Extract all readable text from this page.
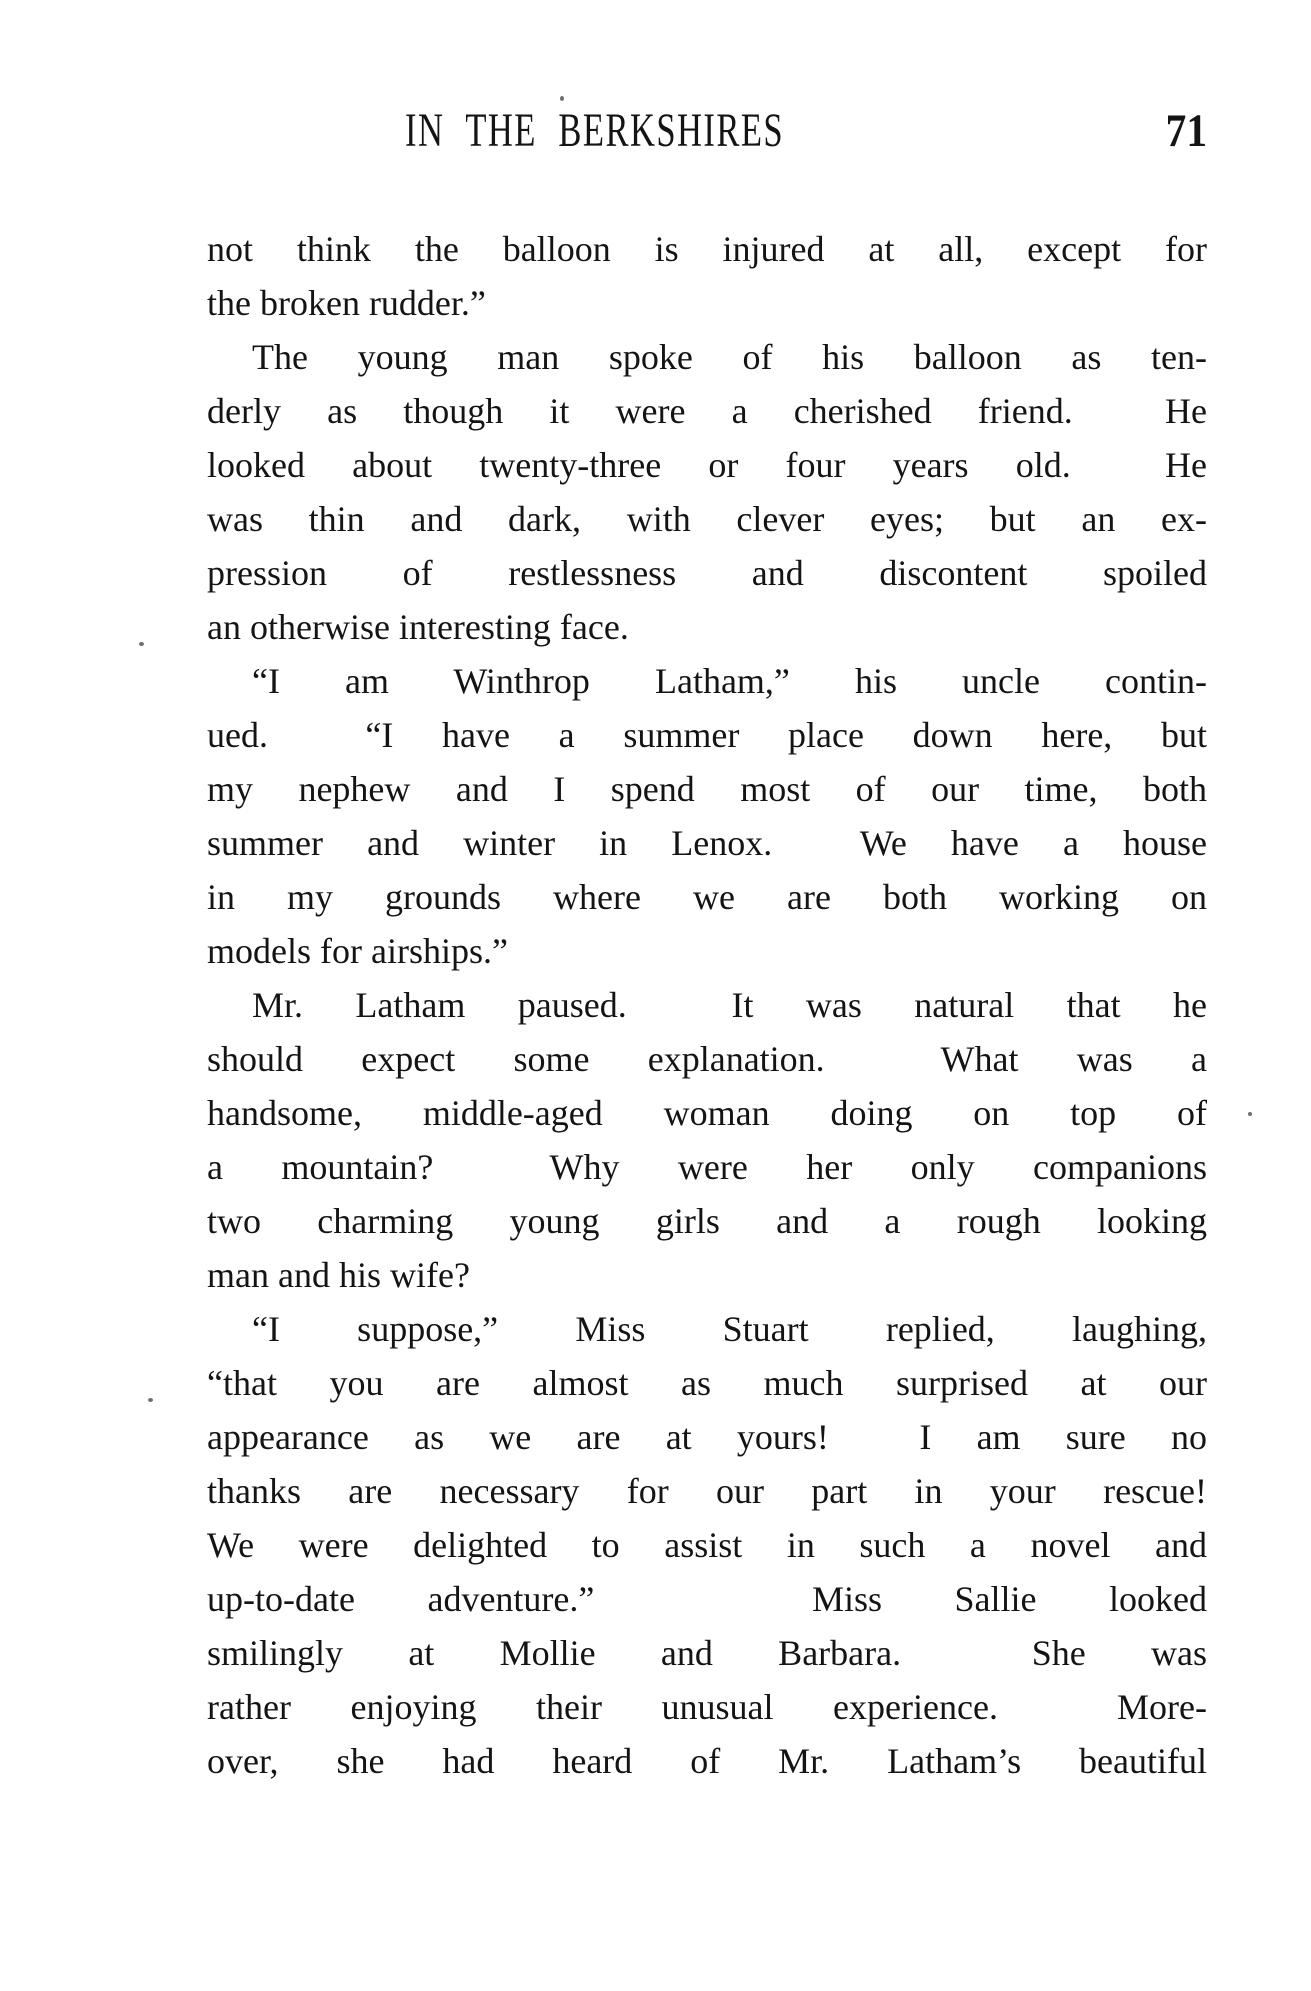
IN THE BERKSHIRES	71
not think the balloon is injured at all, except for
the broken rudder.”
The young man spoke of his balloon as ten-
derly as though it were a cherished friend.  He
looked about twenty-three or four years old.  He
was thin and dark, with clever eyes; but an ex-
pression of restlessness and discontent spoiled
an otherwise interesting face.
“I am Winthrop Latham,” his uncle contin-
ued.  “I have a summer place down here, but
my nephew and I spend most of our time, both
summer and winter in Lenox.  We have a house
in my grounds where we are both working on
models for airships.”
Mr. Latham paused.  It was natural that he
should expect some explanation.  What was a
handsome, middle-aged woman doing on top of
a mountain?  Why were her only companions
two charming young girls and a rough looking
man and his wife?
“I suppose,” Miss Stuart replied, laughing,
“that you are almost as much surprised at our
appearance as we are at yours!  I am sure no
thanks are necessary for our part in your rescue!
We were delighted to assist in such a novel and
up-to-date adventure.”   Miss Sallie looked
smilingly at Mollie and Barbara.  She was
rather enjoying their unusual experience.  More-
over, she had heard of Mr. Latham’s beautiful
